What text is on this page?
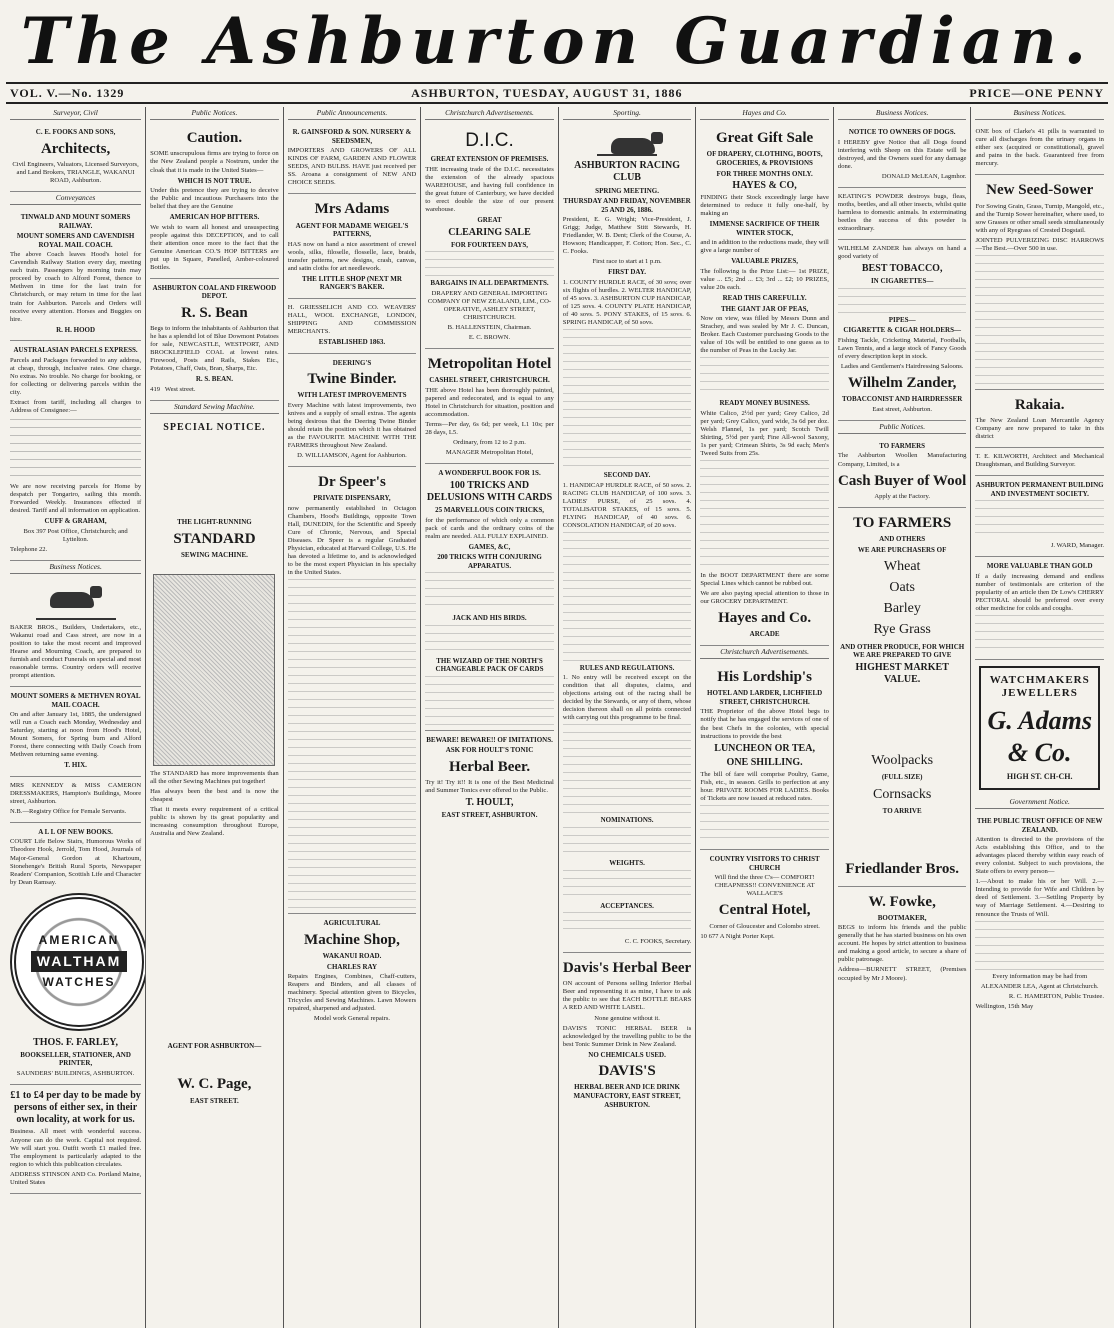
The Ashburton Guardian.
VOL. V.—No. 1329	ASHBURTON, TUESDAY, AUGUST 31, 1886	PRICE—ONE PENNY
Surveyor, Civil
C. E. FOOKS AND SONS,
Architects,

Civil Engineers, Valuators, Licensed Surveyors, and Land Brokers, TRIANGLE, WAKANUI ROAD, Ashburton.

Conveyances
TINWALD AND MOUNT SOMERS RAILWAY.
MOUNT SOMERS AND CAVENDISH ROYAL MAIL COACH.

The above Coach leaves Hood's hotel for Cavendish Railway Station every day, meeting each train. Passengers by morning train may proceed by coach to Alford Forest, thence to Methven in time for the last train for Christchurch, or may return in time for the last train for Ashburton. Parcels and Orders will receive every attention. Horses and Buggies on hire.

R. H. HOOD
AUSTRALASIAN PARCELS EXPRESS.

Parcels and Packages forwarded to any address, at cheap, through, inclusive rates. One charge. No extras. No trouble. No charge for booking, or for collecting or delivering parcels within the city.

Extract from tariff, including all charges to Address of Consignee:—

We are now receiving parcels for Home by despatch per Tongariro, sailing this month. Forwarded Weekly. Insurances effected if desired. Tariff and all information on application.

CUFF & GRAHAM,

Box 397 Post Office, Christchurch; and Lyttelton.

Telephone 22.

Business Notices.

BAKER BROS., Builders, Undertakers, etc., Wakanui road and Cass street, are now in a position to take the most recent and improved Hearse and Mourning Coach, are prepared to furnish and conduct Funerals on special and most reasonable terms. Country orders will receive prompt attention.

MOUNT SOMERS & METHVEN ROYAL MAIL COACH.

On and after January 1st, 1885, the undersigned will run a Coach each Monday, Wednesday and Saturday, starting at noon from Hood's Hotel, Mount Somers, for Spring burn and Alford Forest, there connecting with Daily Coach from Methven returning same evening.

T. HIX.

MRS KENNEDY & MISS CAMERON DRESSMAKERS, Hampton's Buildings, Moore street, Ashburton.

N.B.—Registry Office for Female Servants.

A L L OF NEW BOOKS.

COURT Life Below Stairs, Humorous Works of Theodore Hook, Jerrold, Tom Hood, Journals of Major-General Gordon at Khartoum, Stonehenge's British Rural Sports, Newspaper Readers' Companion, Scottish Life and Character by Dean Ramsay.

AMERICAN
WALTHAM
WATCHES
THOS. F. FARLEY,
BOOKSELLER, STATIONER, AND PRINTER,

SAUNDERS' BUILDINGS, ASHBURTON.

£1 to £4 per day to be made by persons of either sex, in their own locality, at work for us.

Business. All meet with wonderful success. Anyone can do the work. Capital not required. We will start you. Outfit worth £1 mailed free. The employment is particularly adapted to the region to which this publication circulates.

ADDRESS STINSON AND Co. Portland Maine, United States

Public Notices.
Caution.

SOME unscrupulous firms are trying to force on the New Zealand people a Nostrum, under the cloak that it is made in the United States—

WHICH IS NOT TRUE.

Under this pretence they are trying to deceive the Public and incautious Purchasers into the belief that they are the Genuine

AMERICAN HOP BITTERS.

We wish to warn all honest and unsuspecting people against this DECEPTION, and to call their attention once more to the fact that the Genuine American CO.'S HOP BITTERS are put up in Square, Panelled, Amber-coloured Bottles.

ASHBURTON COAL AND FIREWOOD DEPOT.
R. S. Bean

Begs to inform the inhabitants of Ashburton that he has a splendid lot of Blue Dowmont Potatoes for sale, NEWCASTLE, WESTPORT, AND BROCKLEFIELD COAL at lowest rates. Firewood, Posts and Rails, Stakes Etc., Potatoes, Chaff, Oats, Bran, Sharps, Etc.

R. S. BEAN.

419 West street.

Standard Sewing Machine.
SPECIAL NOTICE.
THE LIGHT-RUNNING
STANDARD
SEWING MACHINE.

The STANDARD has more improvements than all the other Sewing Machines put together!

Has always been the best and is now the cheapest

That it meets every requirement of a critical public is shown by its great popularity and increasing consumption throughout Europe, Australia and New Zealand.

AGENT FOR ASHBURTON—
W. C. Page,
EAST STREET.
Public Announcements.
R. GAINSFORD & SON. NURSERY & SEEDSMEN,

IMPORTERS AND GROWERS OF ALL KINDS OF FARM, GARDEN AND FLOWER SEEDS, AND BULBS. HAVE just received per SS. Aroana a consignment of NEW AND CHOICE SEEDS.

Mrs Adams
AGENT FOR MADAME WEIGEL'S PATTERNS,

HAS now on hand a nice assortment of crewel wools, silks, filoselle, flosselle, lace, braids, transfer patterns, new designs, crash, canvas, and satin cloths for art needlework.

THE LITTLE SHOP (NEXT MR RANGER'S BAKER.

H. GRIESSELICH AND CO. WEAVERS' HALL, WOOL EXCHANGE, LONDON, SHIPPING AND COMMISSION MERCHANTS.

ESTABLISHED 1863.
DEERING'S
Twine Binder.
WITH LATEST IMPROVEMENTS

Every Machine with latest improvements, two knives and a supply of small extras. The agents being desirous that the Deering Twine Binder should retain the position which it has obtained as the FAVOURITE MACHINE WITH THE FARMERS throughout New Zealand.

D. WILLIAMSON, Agent for Ashburton.

Dr Speer's
PRIVATE DISPENSARY,

now permanently established in Octagon Chambers, Hood's Buildings, opposite Town Hall, DUNEDIN, for the Scientific and Speedy Cure of Chronic, Nervous, and Special Diseases. Dr Speer is a regular Graduated Physician, educated at Harvard College, U.S. He has devoted a lifetime to, and is acknowledged to be the most expert Physician in his specialty in the United States.

AGRICULTURAL
Machine Shop,
WAKANUI ROAD.
CHARLES RAY

Repairs Engines, Combines, Chaff-cutters, Reapers and Binders, and all classes of machinery. Special attention given to Bicycles, Tricycles and Sewing Machines. Lawn Mowers repaired, sharpened and adjusted.

Model work General repairs.

Christchurch Advertisements.
D.I.C.
GREAT EXTENSION OF PREMISES.

THE increasing trade of the D.I.C. necessitates the extension of the already spacious WAREHOUSE, and having full confidence in the great future of Canterbury, we have decided to erect double the size of our present warehouse.

GREAT
CLEARING SALE
FOR FOURTEEN DAYS,
BARGAINS IN ALL DEPARTMENTS.

DRAPERY AND GENERAL IMPORTING COMPANY OF NEW ZEALAND, LIM., CO-OPERATIVE, ASHLEY STREET, CHRISTCHURCH.

B. HALLENSTEIN, Chairman.

E. C. BROWN.

Metropolitan Hotel
CASHEL STREET, CHRISTCHURCH.

THE above Hotel has been thoroughly painted, papered and redecorated, and is equal to any Hotel in Christchurch for situation, position and accommodation.

Terms—Per day, 6s 6d; per week, L1 10s; per 28 days, L5.

Ordinary, from 12 to 2 p.m.

MANAGER Metropolitan Hotel,

A WONDERFUL BOOK FOR 1S.
100 TRICKS AND DELUSIONS WITH CARDS
25 MARVELLOUS COIN TRICKS,

for the performance of which only a common pack of cards and the ordinary coins of the realm are needed. ALL FULLY EXPLAINED.

GAMES, &C,
200 TRICKS WITH CONJURING APPARATUS.
JACK AND HIS BIRDS.
THE WIZARD OF THE NORTH'S CHANGEABLE PACK OF CARDS
BEWARE! BEWARE!! OF IMITATIONS.
ASK FOR HOULT'S TONIC
Herbal Beer.

Try it! Try it!! It is one of the Best Medicinal and Summer Tonics ever offered to the Public.

T. HOULT,
EAST STREET, ASHBURTON.
Sporting.
ASHBURTON RACING CLUB
SPRING MEETING.
THURSDAY AND FRIDAY, NOVEMBER 25 AND 26, 1886.

President, E. G. Wright; Vice-President, J. Grigg; Judge, Matthew Stitt Stewards, H. Friedlander, W. B. Dent; Clerk of the Course, A. Howson; Handicapper, F. Cotton; Hon. Sec., C. C. Fooks.

First race to start at 1 p.m.

FIRST DAY.

1. COUNTY HURDLE RACE, of 30 sovs; over six flights of hurdles. 2. WELTER HANDICAP, of 45 sovs. 3. ASHBURTON CUP HANDICAP, of 125 sovs. 4. COUNTY PLATE HANDICAP, of 40 sovs. 5. PONY STAKES, of 15 sovs. 6. SPRING HANDICAP, of 50 sovs.

SECOND DAY.

1. HANDICAP HURDLE RACE, of 50 sovs. 2. RACING CLUB HANDICAP, of 100 sovs. 3. LADIES' PURSE, of 25 sovs. 4. TOTALISATOR STAKES, of 15 sovs. 5. FLYING HANDICAP, of 40 sovs. 6. CONSOLATION HANDICAP, of 20 sovs.

RULES AND REGULATIONS.

1. No entry will be received except on the condition that all disputes, claims, and objections arising out of the racing shall be decided by the Stewards, or any of them, whose decision thereon shall on all points connected with carrying out this programme to be final.

NOMINATIONS.
WEIGHTS.
ACCEPTANCES.

C. C. FOOKS, Secretary.

Davis's Herbal Beer

ON account of Persons selling Inferior Herbal Beer and representing it as mine, I have to ask the public to see that EACH BOTTLE BEARS A RED AND WHITE LABEL.

None genuine without it.

DAVIS'S TONIC HERBAL BEER is acknowledged by the travelling public to be the best Tonic Summer Drink in New Zealand.

NO CHEMICALS USED.
DAVIS'S
HERBAL BEER AND ICE DRINK MANUFACTORY, EAST STREET, ASHBURTON.
Hayes and Co.
Great Gift Sale
OF DRAPERY, CLOTHING, BOOTS, GROCERIES, & PROVISIONS
FOR THREE MONTHS ONLY.
HAYES & CO,

FINDING their Stock exceedingly large have determined to reduce it fully one-half, by making an

IMMENSE SACRIFICE OF THEIR WINTER STOCK,

and in addition to the reductions made, they will give a large number of

VALUABLE PRIZES,

The following is the Prize List:— 1st PRIZE, value ... £5; 2nd ... £3; 3rd ... £2; 10 PRIZES, value 20s each.

READ THIS CAREFULLY.
THE GIANT JAR OF PEAS,

Now on view, was filled by Messrs Dunn and Strachey, and was sealed by Mr J. C. Duncan, Broker. Each Customer purchasing Goods to the value of 10s will be entitled to one guess as to the number of Peas in the Lucky Jar.

READY MONEY BUSINESS.

White Calico, 2½d per yard; Grey Calico, 2d per yard; Grey Calico, yard wide, 3s 6d per doz. Welsh Flannel, 1s per yard; Scotch Twill Shirting, 5½d per yard; Fine All-wool Saxony, 1s per yard; Crimean Shirts, 3s 9d each; Men's Tweed Suits from 25s.

In the BOOT DEPARTMENT there are some Special Lines which cannot be rubbed out.

We are also paying special attention to those in our GROCERY DEPARTMENT.

Hayes and Co.
ARCADE
Christchurch Advertisements.
His Lordship's
HOTEL AND LARDER, LICHFIELD STREET, CHRISTCHURCH.

THE Proprietor of the above Hotel begs to notify that he has engaged the services of one of the best Chefs in the colonies, with special instructions to provide the best

LUNCHEON OR TEA,
ONE SHILLING.

The bill of fare will comprise Poultry, Game, Fish, etc., in season. Grills to perfection at any hour. PRIVATE ROOMS FOR LADIES. Books of Tickets are now issued at reduced rates.

COUNTRY VISITORS TO CHRIST CHURCH

Will find the three C's— COMFORT! CHEAPNESS!! CONVENIENCE AT WALLACE'S

Central Hotel,

Corner of Gloucester and Colombo street.

10 677 A Night Porter Kept.

Business Notices.
NOTICE TO OWNERS OF DOGS.

I HEREBY give Notice that all Dogs found interfering with Sheep on this Estate will be destroyed, and the Owners sued for any damage done.

DONALD McLEAN, Lagmhor.

KEATING'S POWDER destroys bugs, fleas, moths, beetles, and all other insects, whilst quite harmless to domestic animals. In exterminating beetles the success of this powder is extraordinary.

WILHELM ZANDER has always on hand a good variety of

BEST TOBACCO,
IN CIGARETTES—
PIPES—
CIGARETTE & CIGAR HOLDERS—

Fishing Tackle, Cricketing Material, Footballs, Lawn Tennis, and a large stock of Fancy Goods of every description kept in stock.

Ladies and Gentlemen's Hairdressing Saloons.

Wilhelm Zander,
TOBACCONIST AND HAIRDRESSER

East street, Ashburton.

Public Notices.
TO FARMERS

The Ashburton Woollen Manufacturing Company, Limited, is a

Cash Buyer of Wool

Apply at the Factory.

TO FARMERS
AND OTHERS
WE ARE PURCHASERS OF
Wheat
Oats
Barley
Rye Grass
AND OTHER PRODUCE, FOR WHICH WE ARE PREPARED TO GIVE
HIGHEST MARKET VALUE.
Woolpacks
(FULL SIZE)
Cornsacks
TO ARRIVE
Friedlander Bros.
W. Fowke,
BOOTMAKER,

BEGS to inform his friends and the public generally that he has started business on his own account. He hopes by strict attention to business and making a good article, to secure a share of public patronage.

Address—BURNETT STREET, (Premises occupied by Mr J Moore).

Business Notices.

ONE box of Clarke's 41 pills is warranted to cure all discharges from the urinary organs in either sex (acquired or constitutional), gravel and pains in the back. Guaranteed free from mercury.

New Seed-Sower

For Sowing Grain, Grass, Turnip, Mangold, etc., and the Turnip Sower hereinafter, where used, to sow Grasses or other small seeds simultaneously with any of Ryegrass of Crested Dogstail.

JOINTED PULVERIZING DISC HARROWS—The Best.—Over 500 in use.

Rakaia.

The New Zealand Loan Mercantile Agency Company are now prepared to take in this district

T. E. KILWORTH, Architect and Mechanical Draughtsman, and Building Surveyor.

ASHBURTON PERMANENT BUILDING AND INVESTMENT SOCIETY.

J. WARD, Manager.

MORE VALUABLE THAN GOLD

If a daily increasing demand and endless number of testimonials are criterion of the popularity of an article then Dr Low's CHERRY PECTORAL should be preferred over every other medicine for colds and coughs.

WATCHMAKERS
JEWELLERS
G. Adams & Co.
HIGH ST. CH-CH.
Government Notice.
THE PUBLIC TRUST OFFICE OF NEW ZEALAND.

Attention is directed to the provisions of the Acts establishing this Office, and to the advantages placed thereby within easy reach of every colonist. Subject to such provisions, the State offers to every person—

1.—About to make his or her Will. 2.—Intending to provide for Wife and Children by deed of Settlement. 3.—Settling Property by way of Marriage Settlement. 4.—Desiring to renounce the Trusts of Will.

Every information may be had from

ALEXANDER LEA, Agent at Christchurch.

R. C. HAMERTON, Public Trustee.

Wellington, 15th May
